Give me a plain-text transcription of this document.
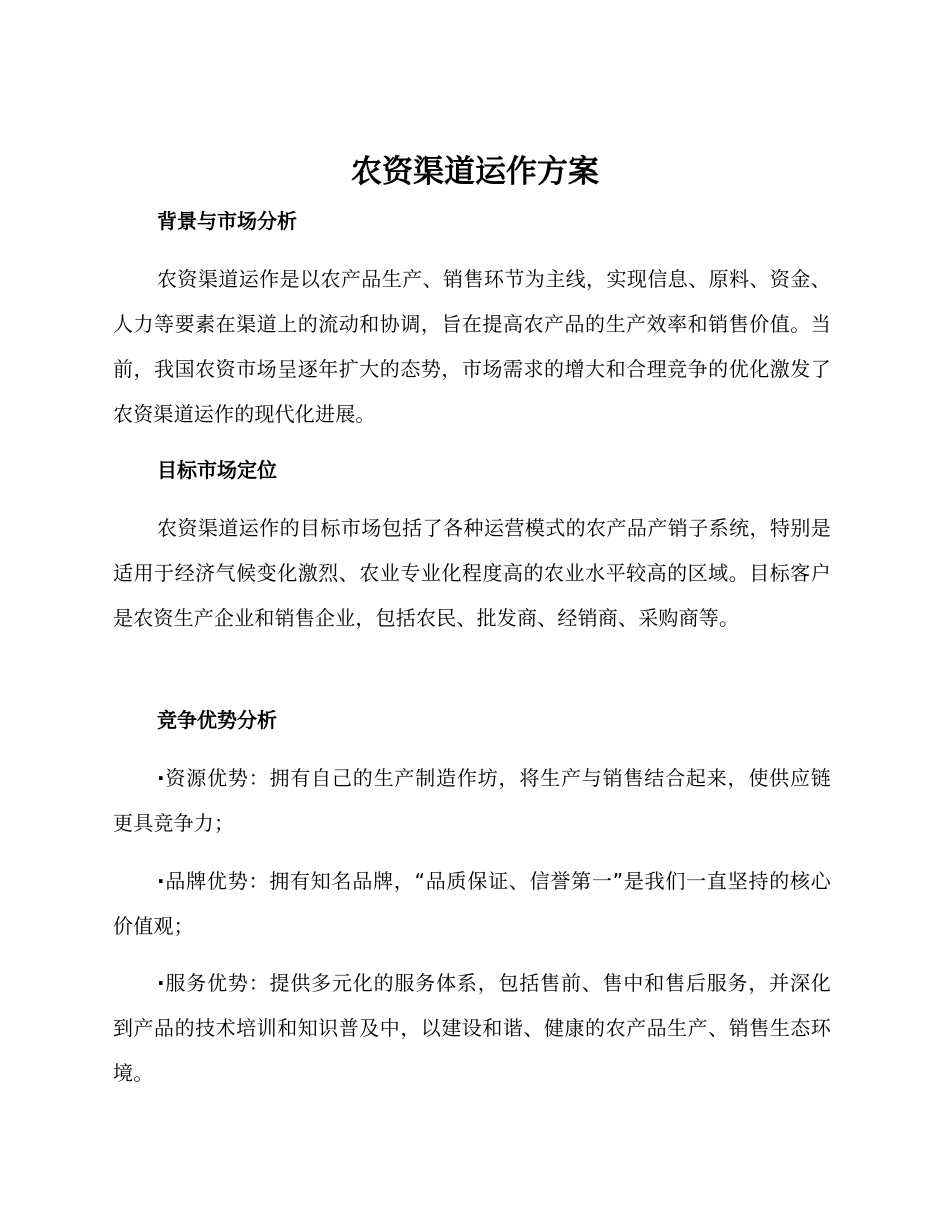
农资渠道运作方案
背景与市场分析

农资渠道运作是以农产品生产、销售环节为主线，实现信息、原料、资金、人力等要素在渠道上的流动和协调，旨在提高农产品的生产效率和销售价值。当前，我国农资市场呈逐年扩大的态势，市场需求的增大和合理竞争的优化激发了农资渠道运作的现代化进展。

目标市场定位

农资渠道运作的目标市场包括了各种运营模式的农产品产销子系统，特别是适用于经济气候变化激烈、农业专业化程度高的农业水平较高的区域。目标客户是农资生产企业和销售企业，包括农民、批发商、经销商、采购商等。

竞争优势分析

·资源优势：拥有自己的生产制造作坊，将生产与销售结合起来，使供应链更具竞争力；

·品牌优势：拥有知名品牌，“品质保证、信誉第一”是我们一直坚持的核心价值观；

·服务优势：提供多元化的服务体系，包括售前、售中和售后服务，并深化到产品的技术培训和知识普及中，以建设和谐、健康的农产品生产、销售生态环境。
